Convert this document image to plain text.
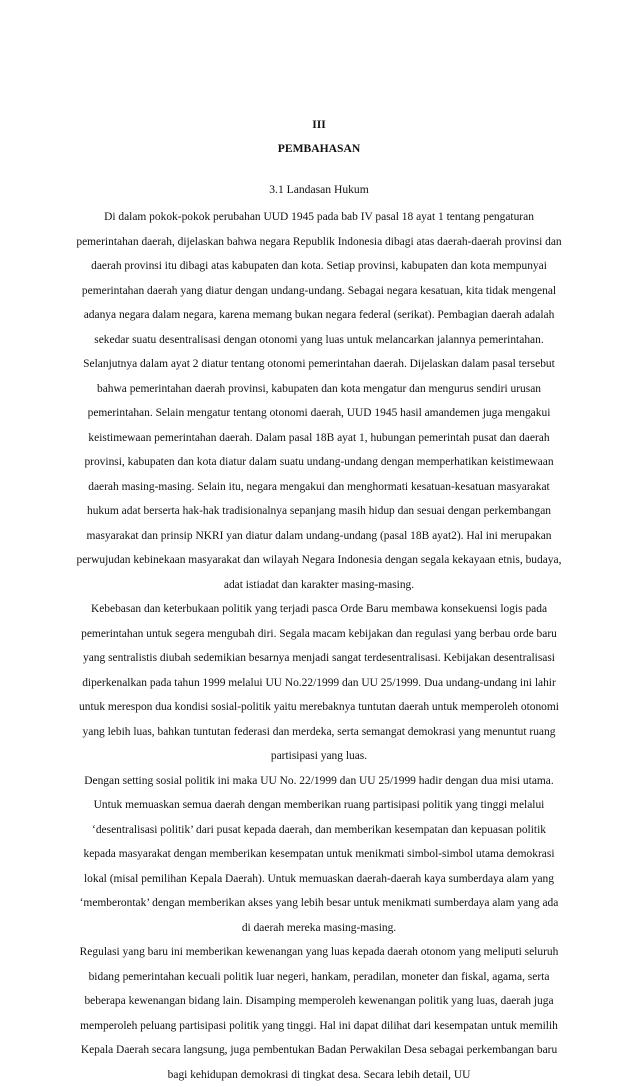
III
PEMBAHASAN
3.1 Landasan Hukum

Di dalam pokok-pokok perubahan UUD 1945 pada bab IV pasal 18 ayat 1 tentang pengaturan pemerintahan daerah, dijelaskan bahwa negara Republik Indonesia dibagi atas daerah-daerah provinsi dan daerah provinsi itu dibagi atas kabupaten dan kota. Setiap provinsi, kabupaten dan kota mempunyai pemerintahan daerah yang diatur dengan undang-undang. Sebagai negara kesatuan, kita tidak mengenal adanya negara dalam negara, karena memang bukan negara federal (serikat). Pembagian daerah adalah sekedar suatu desentralisasi dengan otonomi yang luas untuk melancarkan jalannya pemerintahan. Selanjutnya dalam ayat 2 diatur tentang otonomi pemerintahan daerah. Dijelaskan dalam pasal tersebut bahwa pemerintahan daerah provinsi, kabupaten dan kota mengatur dan mengurus sendiri urusan pemerintahan. Selain mengatur tentang otonomi daerah, UUD 1945 hasil amandemen juga mengakui keistimewaan pemerintahan daerah. Dalam pasal 18B ayat 1, hubungan pemerintah pusat dan daerah provinsi, kabupaten dan kota diatur dalam suatu undang-undang dengan memperhatikan keistimewaan daerah masing-masing. Selain itu, negara mengakui dan menghormati kesatuan-kesatuan masyarakat hukum adat berserta hak-hak tradisionalnya sepanjang masih hidup dan sesuai dengan perkembangan masyarakat dan prinsip NKRI yan diatur dalam undang-undang (pasal 18B ayat2). Hal ini merupakan perwujudan kebinekaan masyarakat dan wilayah Negara Indonesia dengan segala kekayaan etnis, budaya, adat istiadat dan karakter masing-masing.

Kebebasan dan keterbukaan politik yang terjadi pasca Orde Baru membawa konsekuensi logis pada pemerintahan untuk segera mengubah diri. Segala macam kebijakan dan regulasi yang berbau orde baru yang sentralistis diubah sedemikian besarnya menjadi sangat terdesentralisasi. Kebijakan desentralisasi diperkenalkan pada tahun 1999 melalui UU No.22/1999 dan UU 25/1999. Dua undang-undang ini lahir untuk merespon dua kondisi sosial-politik yaitu merebaknya tuntutan daerah untuk memperoleh otonomi yang lebih luas, bahkan tuntutan federasi dan merdeka, serta semangat demokrasi yang menuntut ruang partisipasi yang luas.

Dengan setting sosial politik ini maka UU No. 22/1999 dan UU 25/1999 hadir dengan dua misi utama. Untuk memuaskan semua daerah dengan memberikan ruang partisipasi politik yang tinggi melalui ‘desentralisasi politik’ dari pusat kepada daerah, dan memberikan kesempatan dan kepuasan politik kepada masyarakat dengan memberikan kesempatan untuk menikmati simbol-simbol utama demokrasi lokal (misal pemilihan Kepala Daerah). Untuk memuaskan daerah-daerah kaya sumberdaya alam yang ‘memberontak’ dengan memberikan akses yang lebih besar untuk menikmati sumberdaya alam yang ada di daerah mereka masing-masing.

Regulasi yang baru ini memberikan kewenangan yang luas kepada daerah otonom yang meliputi seluruh bidang pemerintahan kecuali politik luar negeri, hankam, peradilan, moneter dan fiskal, agama, serta beberapa kewenangan bidang lain. Disamping memperoleh kewenangan politik yang luas, daerah juga memperoleh peluang partisipasi politik yang tinggi. Hal ini dapat dilihat dari kesempatan untuk memilih Kepala Daerah secara langsung, juga pembentukan Badan Perwakilan Desa sebagai perkembangan baru bagi kehidupan demokrasi di tingkat desa. Secara lebih detail, UU
